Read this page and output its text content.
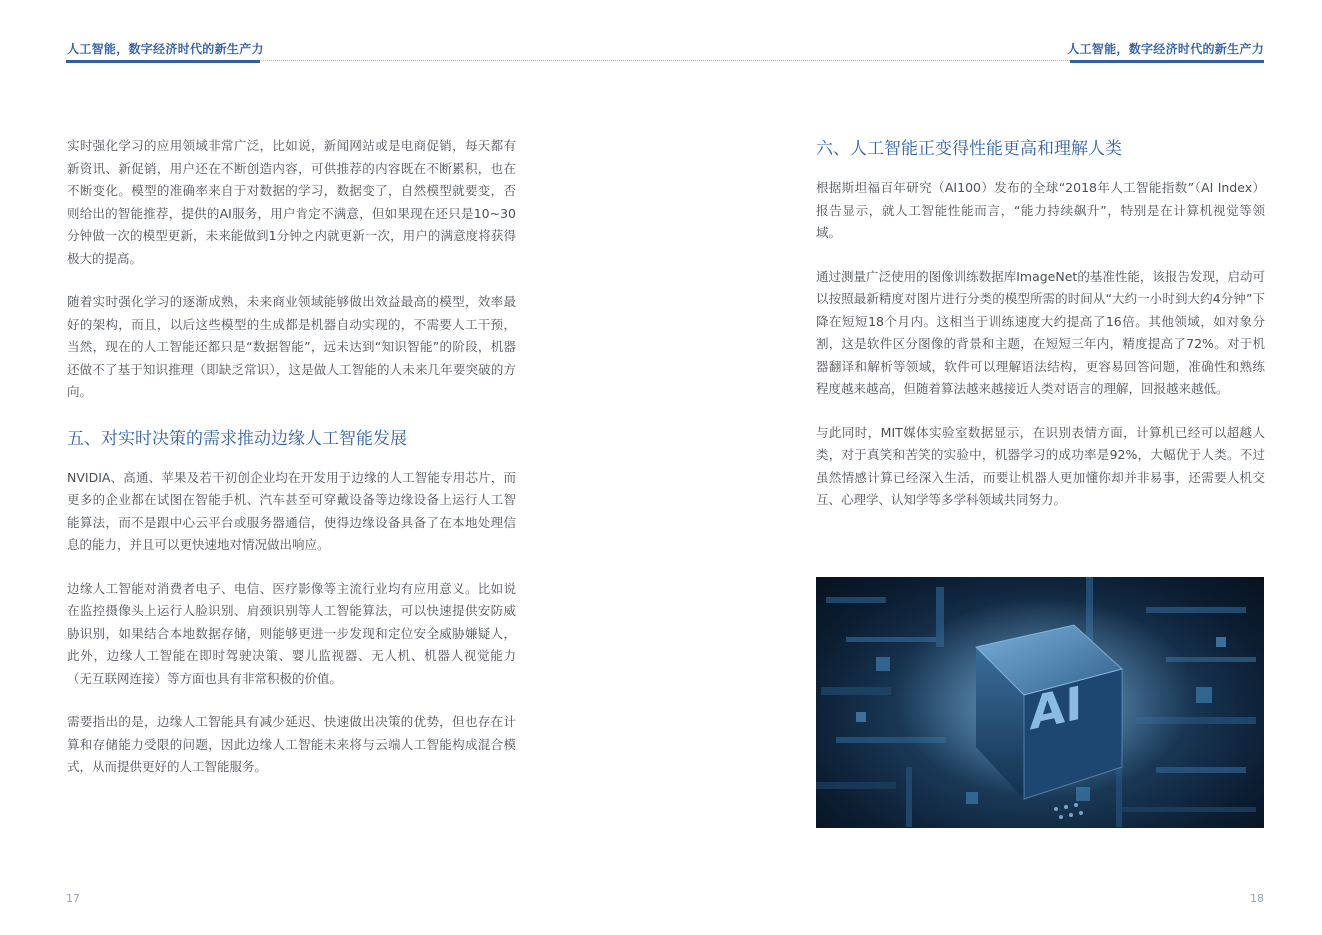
人工智能，数字经济时代的新生产力	人工智能，数字经济时代的新生产力

实时强化学习的应用领域非常广泛，比如说，新闻网站或是电商促销，每天都有新资讯、新促销，用户还在不断创造内容，可供推荐的内容既在不断累积，也在不断变化。模型的准确率来自于对数据的学习，数据变了，自然模型就要变，否则给出的智能推荐，提供的AI服务，用户肯定不满意，但如果现在还只是10~30分钟做一次的模型更新，未来能做到1分钟之内就更新一次，用户的满意度将获得极大的提高。

随着实时强化学习的逐渐成熟，未来商业领域能够做出效益最高的模型，效率最好的架构，而且，以后这些模型的生成都是机器自动实现的，不需要人工干预，当然，现在的人工智能还都只是“数据智能”，远未达到“知识智能”的阶段，机器还做不了基于知识推理（即缺乏常识），这是做人工智能的人未来几年要突破的方向。

五、对实时决策的需求推动边缘人工智能发展

NVIDIA、高通、苹果及若干初创企业均在开发用于边缘的人工智能专用芯片，而更多的企业都在试图在智能手机、汽车甚至可穿戴设备等边缘设备上运行人工智能算法，而不是跟中心云平台或服务器通信，使得边缘设备具备了在本地处理信息的能力，并且可以更快速地对情况做出响应。

边缘人工智能对消费者电子、电信、医疗影像等主流行业均有应用意义。比如说在监控摄像头上运行人脸识别、肩颈识别等人工智能算法，可以快速提供安防威胁识别，如果结合本地数据存储，则能够更进一步发现和定位安全威胁嫌疑人，此外，边缘人工智能在即时驾驶决策、婴儿监视器、无人机、机器人视觉能力（无互联网连接）等方面也具有非常积极的价值。

需要指出的是，边缘人工智能具有减少延迟、快速做出决策的优势，但也存在计算和存储能力受限的问题，因此边缘人工智能未来将与云端人工智能构成混合模式，从而提供更好的人工智能服务。

六、人工智能正变得性能更高和理解人类

根据斯坦福百年研究（AI100）发布的全球“2018年人工智能指数”（AI Index）报告显示，就人工智能性能而言，“能力持续飙升”，特别是在计算机视觉等领域。

通过测量广泛使用的图像训练数据库ImageNet的基准性能，该报告发现，启动可以按照最新精度对图片进行分类的模型所需的时间从“大约一小时到大约4分钟”下降在短短18个月内。这相当于训练速度大约提高了16倍。其他领域，如对象分割，这是软件区分图像的背景和主题，在短短三年内，精度提高了72%。对于机器翻译和解析等领域，软件可以理解语法结构，更容易回答问题，准确性和熟练程度越来越高，但随着算法越来越接近人类对语言的理解，回报越来越低。

与此同时，MIT媒体实验室数据显示，在识别表情方面，计算机已经可以超越人类，对于真笑和苦笑的实验中，机器学习的成功率是92%，大幅优于人类。不过虽然情感计算已经深入生活，而要让机器人更加懂你却并非易事，还需要人机交互、心理学、认知学等多学科领域共同努力。

AI
17	18
